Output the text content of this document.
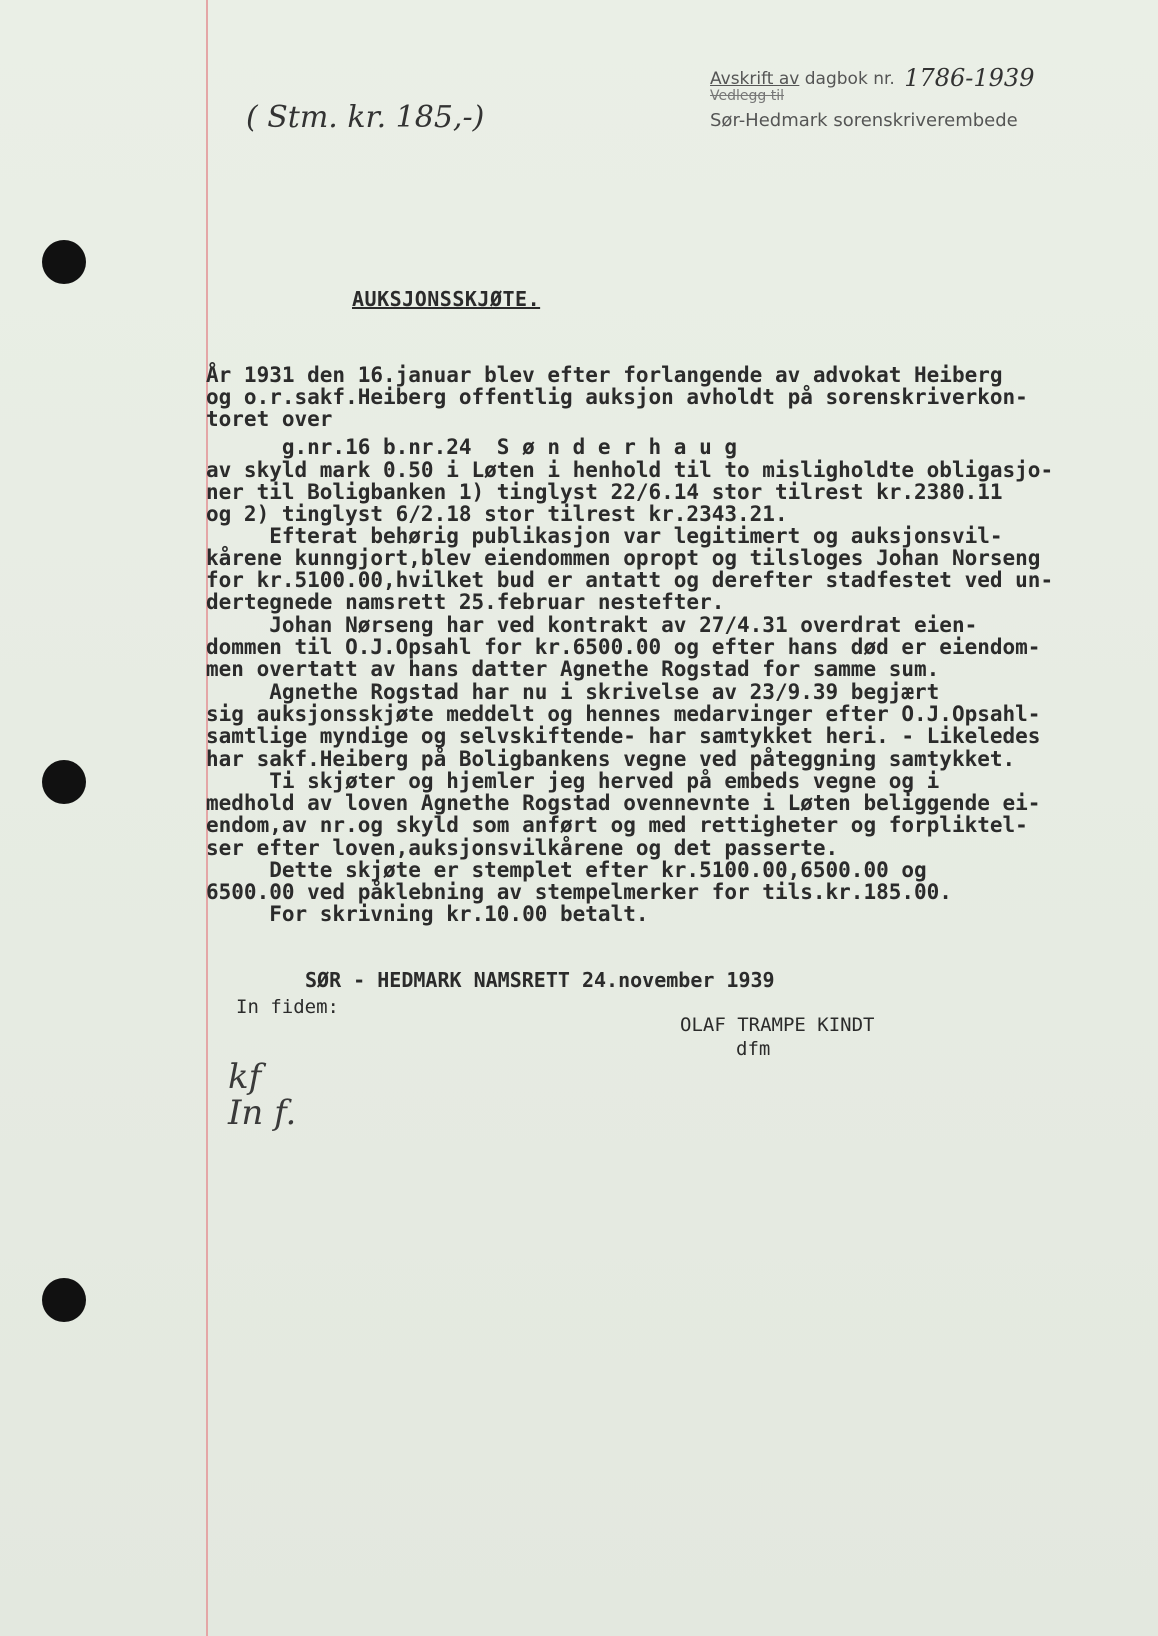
( Stm. kr. 185,-)
Avskrift av dagbok nr. 1786-1939
Vedlegg til
Sør-Hedmark sorenskriverembede
AUKSJONSSKJØTE.
År 1931 den 16.januar blev efter forlangende av advokat Heiberg
og o.r.sakf.Heiberg offentlig auksjon avholdt på sorenskriverkon-
toret over
g.nr.16 b.nr.24  S ø n d e r h a u g
av skyld mark 0.50 i Løten i henhold til to misligholdte obligasjo-
ner til Boligbanken 1) tinglyst 22/6.14 stor tilrest kr.2380.11
og 2) tinglyst 6/2.18 stor tilrest kr.2343.21.
Efterat behørig publikasjon var legitimert og auksjonsvil-
kårene kunngjort,blev eiendommen opropt og tilsloges Johan Norseng
for kr.5100.00,hvilket bud er antatt og derefter stadfestet ved un-
dertegnede namsrett 25.februar nestefter.
Johan Nørseng har ved kontrakt av 27/4.31 overdrat eien-
dommen til O.J.Opsahl for kr.6500.00 og efter hans død er eiendom-
men overtatt av hans datter Agnethe Rogstad for samme sum.
Agnethe Rogstad har nu i skrivelse av 23/9.39 begjært
sig auksjonsskjøte meddelt og hennes medarvinger efter O.J.Opsahl-
samtlige myndige og selvskiftende- har samtykket heri. - Likeledes
har sakf.Heiberg på Boligbankens vegne ved påteggning samtykket.
Ti skjøter og hjemler jeg herved på embeds vegne og i
medhold av loven Agnethe Rogstad ovennevnte i Løten beliggende ei-
endom,av nr.og skyld som anført og med rettigheter og forpliktel-
ser efter loven,auksjonsvilkårene og det passerte.
Dette skjøte er stemplet efter kr.5100.00,6500.00 og
6500.00 ved påklebning av stempelmerker for tils.kr.185.00.
For skrivning kr.10.00 betalt.
SØR - HEDMARK NAMSRETT 24.november 1939
In fidem:
OLAF TRAMPE KINDT
dfm
kf
In f.
